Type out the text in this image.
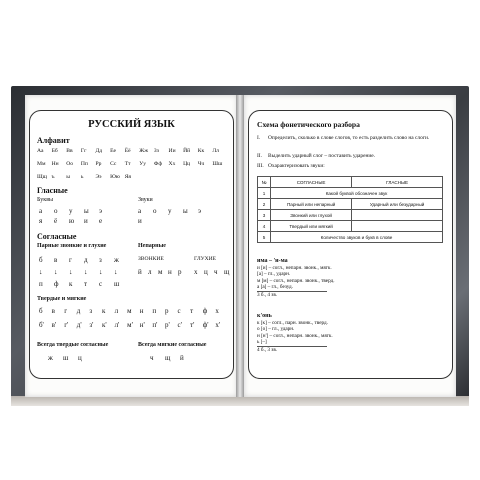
РУССКИЙ ЯЗЫК
Алфавит
Аа	Бб	Вв	Гг	Дд	Ее	Ёё	Жж	Зз	Ии	Йй	Кк	Лл
Мм	Нн	Оо	Пп	Рр	Сс	Тт	Уу	Фф	Хх	Цц	Чч	Шш
Щщ ъ	ы	ь	Ээ	Юю Яя
Гласные
Буквы	Звуки
а	о	у	ы	э
я	ё	ю	и	е
а	о	у	ы	э
и
Согласные
Парные звонкие и глухие	Непарные
б	в	г	д	з	ж
↓	↓	↓	↓	↓	↓
п	ф	к	т	с	ш
ЗВОНКИЕ	ГЛУХИЕ
й л м н р	х ц ч щ
Твердые и мягкие
б	в	г	д	з	к	л	м	н	п	р	с	т	ф	х
б'	в'	г'	д'	з'	к'	л'	м' н'	п'	р'	с'	т'	ф' х'
Всегда твердые согласные	Всегда мягкие согласные
ж	ш	ц	ч	щ	й
Схема фонетического разбора
I. Определить, сколько в слове слогов, то есть разделить слово на слоги.
II. Выделить ударный слог – поставить ударение.
III. Охарактеризовать звуки:
№	СОГЛАСНЫЕ	ГЛАСНЫЕ
1	Какой буквой обозначен звук	
2	Парный или непарный	Ударный или безударный
3	Звонкий или глухой	
4	Твердый или мягкий	
5	Количество звуков и букв в слове	
има – 'и-ма
и [и] – согл., непарн. звонк., мягк.
[а] – гл., ударн.
м [м] – согл., непарн. звонк., тверд.
а [а] – гл., безуд.
3 б., 4 зв.
к'онь
к [к] – согл., парн. звонк., тверд.
о [о] – гл., ударн.
н [н'] – согл., непарн. звонк., мягк.
ь [–]
4 б., 3 зв.
